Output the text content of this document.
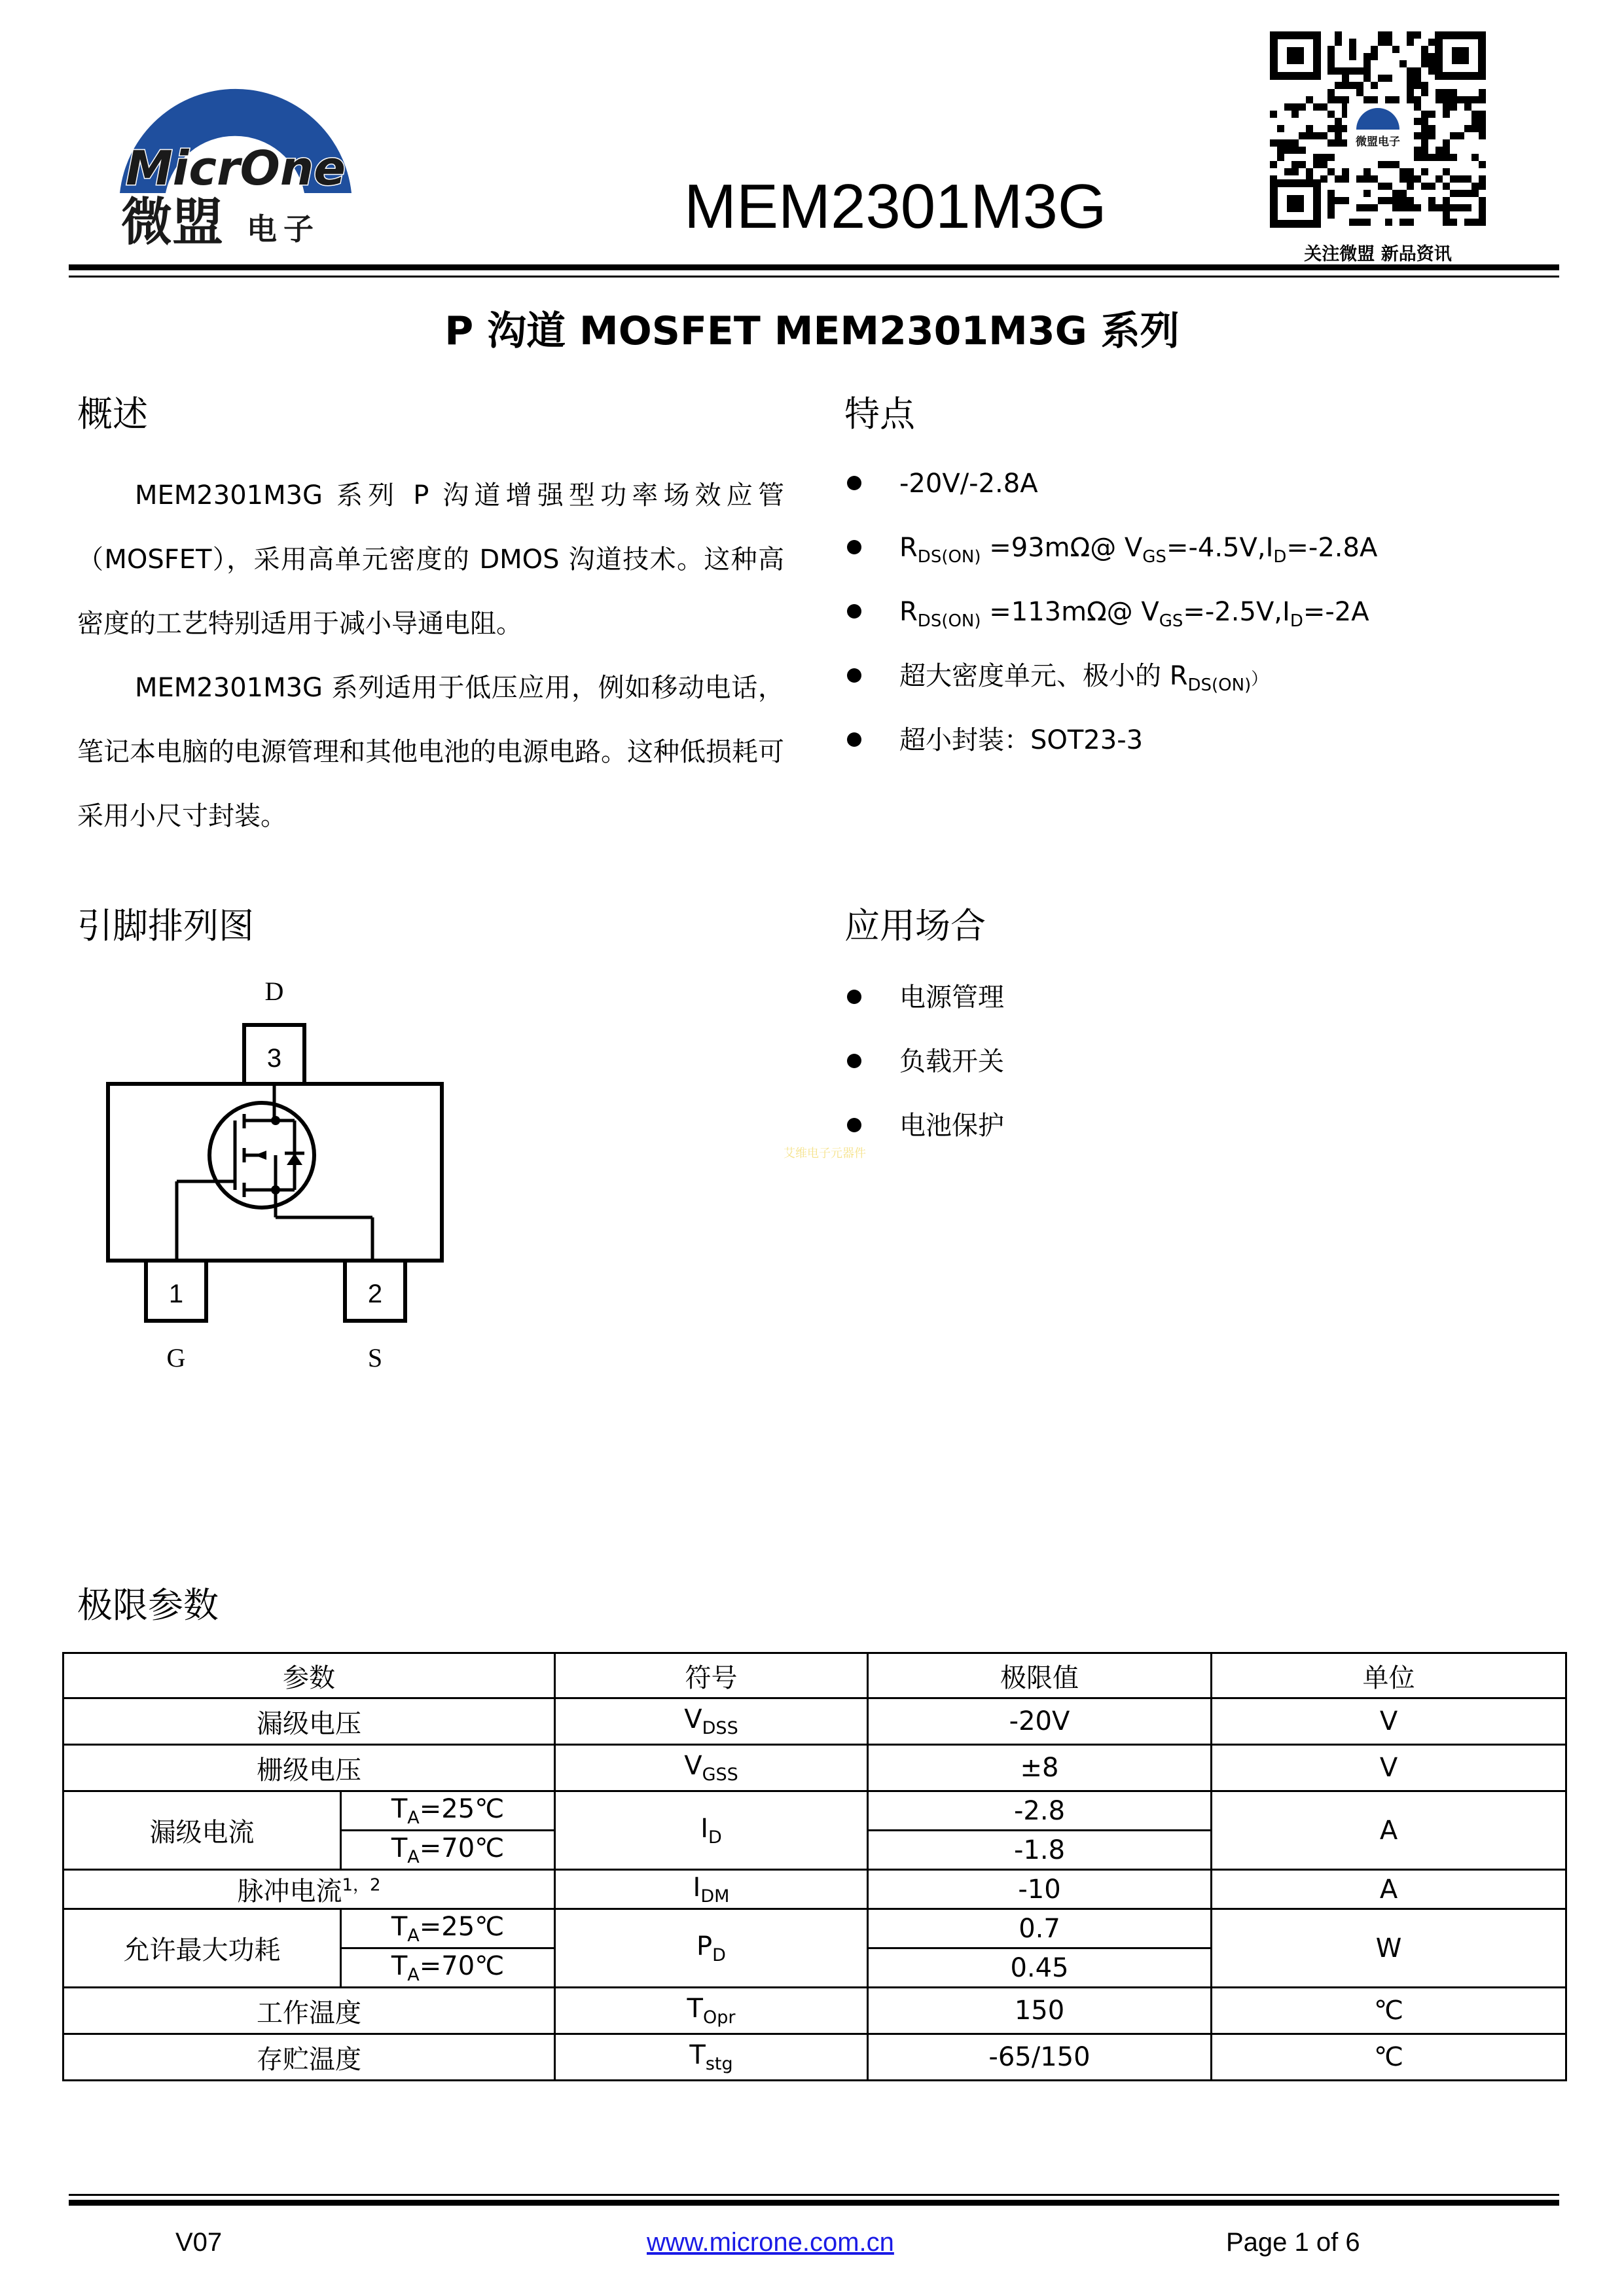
MicrOne
微盟 电子	MEM2301M3G
微盟电子
关注微盟 新品资讯
P 沟道 MOSFET MEM2301M3G 系列
概述

MEM2301M3G 系列 P 沟道增强型功率场效应管（MOSFET），采用高单元密度的 DMOS 沟道技术。这种高密度的工艺特别适用于减小导通电阻。

MEM2301M3G 系列适用于低压应用，例如移动电话，笔记本电脑的电源管理和其他电池的电源电路。这种低损耗可采用小尺寸封装。

特点
-20V/-2.8A
$R_{DS(ON)}$ =93mΩ@ $V_{GS}=-4.5V,I_D=-2.8A$
$R_{DS(ON)}$ =113mΩ@ $V_{GS}=-2.5V,I_D=-2A$
超大密度单元、极小的 $R_{DS(ON)}$）
超小封装：SOT23-3
引脚排列图
3
1	2
D
G	S
应用场合
电源管理
负载开关
电池保护
艾维电子元器件
极限参数
参数		符号	极限值	单位
漏级电压		$V_{DSS}$	-20V	V
栅级电压		$V_{GSS}$	±8	V
漏级电流	$T_A=25℃$	$I_D$	-2.8	A
	$T_A=70℃$		-1.8	
脉冲电流$^{1,2}$		$I_{DM}$	-10	A
允许最大功耗	$T_A=25℃$	$P_D$	0.7	W
	$T_A=70℃$		0.45	
工作温度		$T_{Opr}$	150	℃
存贮温度		$T_{stg}$	-65/150	℃
V07	www.microne.com.cn	Page 1 of 6
